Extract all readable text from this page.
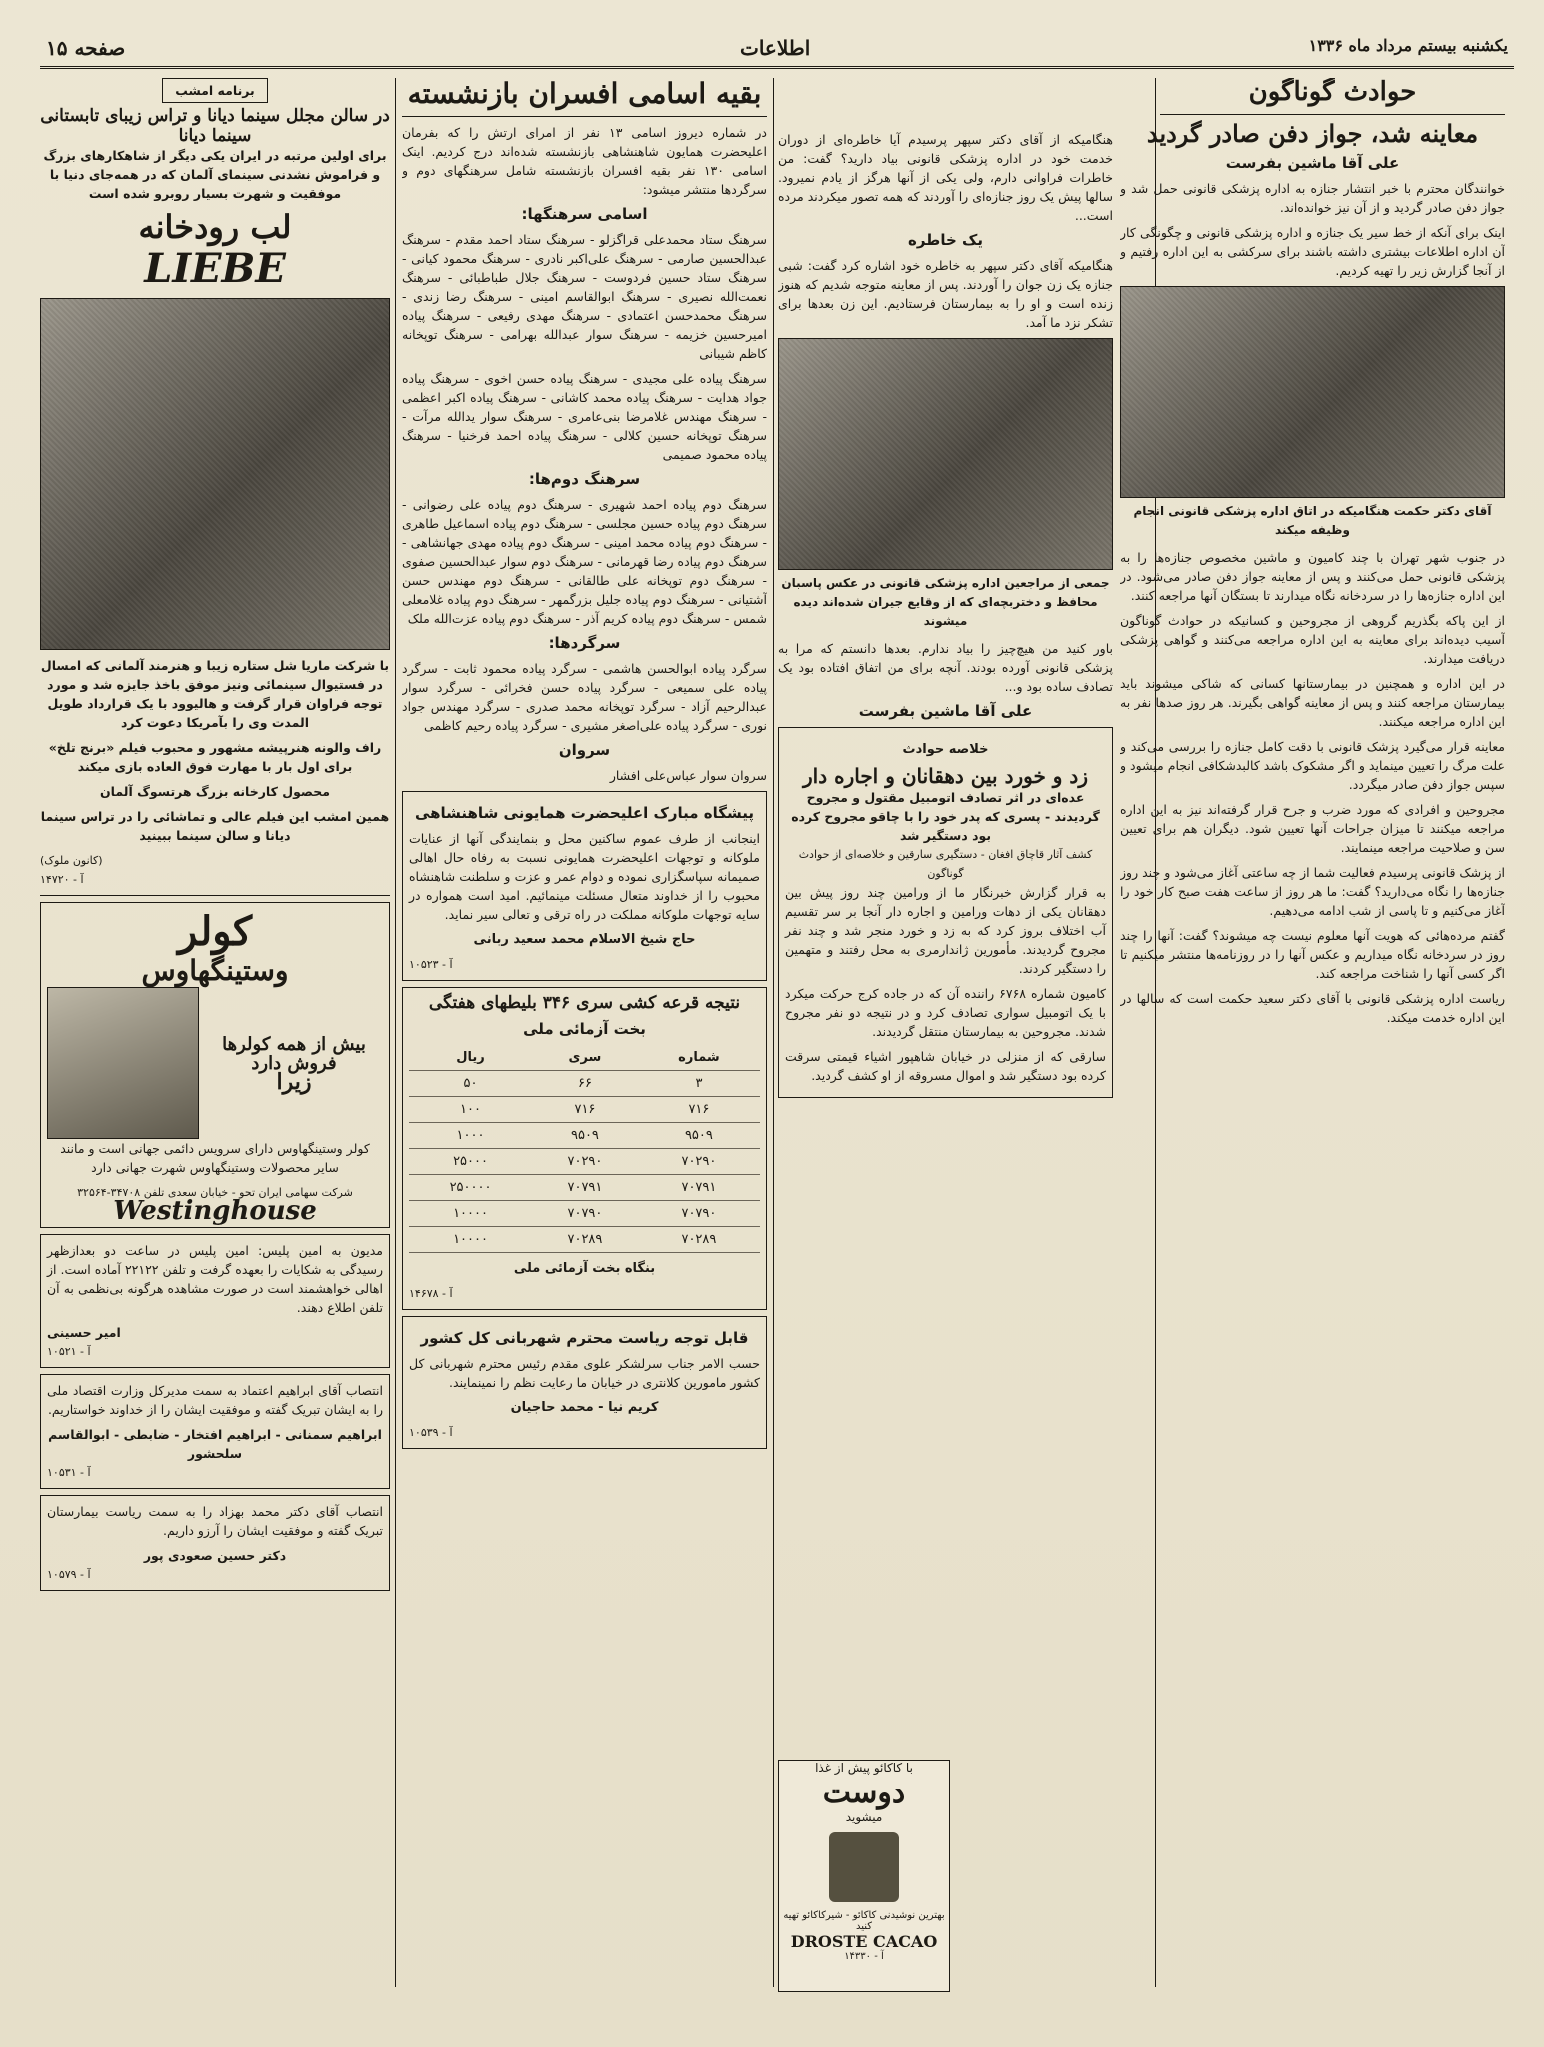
صفحه ۱۵	اطلاعات	یکشنبه بیستم مرداد ماه ۱۳۳۶
حوادث گوناگون
معاینه شد، جواز دفن صادر گردید
علی آقا ماشین بفرست

خوانندگان محترم با خبر انتشار جنازه به اداره پزشکی قانونی حمل شد و جواز دفن صادر گردید و از آن نیز خوانده‌اند.

اینک برای آنکه از خط سیر یک جنازه و اداره پزشکی قانونی و چگونگی کار آن اداره اطلاعات بیشتری داشته باشند برای سرکشی به این اداره رفتیم و از آنجا گزارش زیر را تهیه کردیم.

آقای دکتر حکمت هنگامیکه در اتاق اداره پزشکی قانونی انجام وظیفه میکند

در جنوب شهر تهران با چند کامیون و ماشین مخصوص جنازه‌ها را به پزشکی قانونی حمل می‌کنند و پس از معاینه جواز دفن صادر می‌شود. در این اداره جنازه‌ها را در سردخانه نگاه میدارند تا بستگان آنها مراجعه کنند.

از این پاکه بگذریم گروهی از مجروحین و کسانیکه در حوادث گوناگون آسیب دیده‌اند برای معاینه به این اداره مراجعه می‌کنند و گواهی پزشکی دریافت میدارند.

در این اداره و همچنین در بیمارستانها کسانی که شاکی میشوند باید بیمارستان مراجعه کنند و پس از معاینه گواهی بگیرند. هر روز صدها نفر به این اداره مراجعه میکنند.

معاینه قرار می‌گیرد پزشک قانونی با دقت کامل جنازه را بررسی می‌کند و علت مرگ را تعیین مینماید و اگر مشکوک باشد کالبدشکافی انجام میشود و سپس جواز دفن صادر میگردد.

مجروحین و افرادی که مورد ضرب و جرح قرار گرفته‌اند نیز به این اداره مراجعه میکنند تا میزان جراحات آنها تعیین شود. دیگران هم برای تعیین سن و صلاحیت مراجعه مینمایند.

از پزشک قانونی پرسیدم فعالیت شما از چه ساعتی آغاز می‌شود و چند روز جنازه‌ها را نگاه می‌دارید؟ گفت: ما هر روز از ساعت هفت صبح کار خود را آغاز می‌کنیم و تا پاسی از شب ادامه می‌دهیم.

گفتم مرده‌هائی که هویت آنها معلوم نیست چه میشوند؟ گفت: آنها را چند روز در سردخانه نگاه میداریم و عکس آنها را در روزنامه‌ها منتشر میکنیم تا اگر کسی آنها را شناخت مراجعه کند.

ریاست اداره پزشکی قانونی با آقای دکتر سعید حکمت است که سالها در این اداره خدمت میکند.

هنگامیکه از آقای دکتر سپهر پرسیدم آیا خاطره‌ای از دوران خدمت خود در اداره پزشکی قانونی بیاد دارید؟ گفت: من خاطرات فراوانی دارم، ولی یکی از آنها هرگز از یادم نمیرود. سالها پیش یک روز جنازه‌ای را آوردند که همه تصور میکردند مرده است...

یک خاطره

هنگامیکه آقای دکتر سپهر به خاطره خود اشاره کرد گفت: شبی جنازه یک زن جوان را آوردند. پس از معاینه متوجه شدیم که هنوز زنده است و او را به بیمارستان فرستادیم. این زن بعدها برای تشکر نزد ما آمد.

جمعی از مراجعین اداره پزشکی قانونی در عکس پاسبان محافظ و دختربچه‌ای که از وقایع جیران شده‌اند دیده میشوند

باور کنید من هیچ‌چیز را بیاد ندارم. بعدها دانستم که مرا به پزشکی قانونی آورده بودند. آنچه برای من اتفاق افتاده بود یک تصادف ساده بود و...

علی آقا ماشین بفرست
خلاصه حوادث
زد و خورد بین دهقانان و اجاره دار
عده‌ای در اثر تصادف اتومبیل مقتول و مجروح گردیدند - پسری که پدر خود را با چاقو مجروح کرده بود دستگیر شد
کشف آثار قاچاق افغان - دستگیری سارقین و خلاصه‌ای از حوادث گوناگون

به قرار گزارش خبرنگار ما از ورامین چند روز پیش بین دهقانان یکی از دهات ورامین و اجاره دار آنجا بر سر تقسیم آب اختلاف بروز کرد که به زد و خورد منجر شد و چند نفر مجروح گردیدند. مأمورین ژاندارمری به محل رفتند و متهمین را دستگیر کردند.

کامیون شماره ۶۷۶۸ راننده آن که در جاده کرج حرکت میکرد با یک اتومبیل سواری تصادف کرد و در نتیجه دو نفر مجروح شدند. مجروحین به بیمارستان منتقل گردیدند.

سارقی که از منزلی در خیابان شاهپور اشیاء قیمتی سرقت کرده بود دستگیر شد و اموال مسروقه از او کشف گردید.

با کاکائو پیش از غذا
دوست
میشوید
بهترین نوشیدنی کاکائو - شیرکاکائو تهیه کنید
DROSTE CACAO
آ - ۱۴۳۳۰
بقیه اسامی افسران بازنشسته

در شماره دیروز اسامی ۱۳ نفر از امرای ارتش را که بفرمان اعلیحضرت همایون شاهنشاهی بازنشسته شده‌اند درج کردیم. اینک اسامی ۱۳۰ نفر بقیه افسران بازنشسته شامل سرهنگهای دوم و سرگردها منتشر میشود:

اسامی سرهنگها:

سرهنگ ستاد محمدعلی قراگزلو - سرهنگ ستاد احمد مقدم - سرهنگ عبدالحسین صارمی - سرهنگ علی‌اکبر نادری - سرهنگ محمود کیانی - سرهنگ ستاد حسین فردوست - سرهنگ جلال طباطبائی - سرهنگ نعمت‌الله نصیری - سرهنگ ابوالقاسم امینی - سرهنگ رضا زندی - سرهنگ محمدحسن اعتمادی - سرهنگ مهدی رفیعی - سرهنگ پیاده امیرحسین خزیمه - سرهنگ سوار عبدالله بهرامی - سرهنگ توپخانه کاظم شیبانی

سرهنگ پیاده علی مجیدی - سرهنگ پیاده حسن اخوی - سرهنگ پیاده جواد هدایت - سرهنگ پیاده محمد کاشانی - سرهنگ پیاده اکبر اعظمی - سرهنگ مهندس غلامرضا بنی‌عامری - سرهنگ سوار یدالله مرآت - سرهنگ توپخانه حسین کلالی - سرهنگ پیاده احمد فرخنیا - سرهنگ پیاده محمود صمیمی

سرهنگ دوم‌ها:

سرهنگ دوم پیاده احمد شهیری - سرهنگ دوم پیاده علی رضوانی - سرهنگ دوم پیاده حسین مجلسی - سرهنگ دوم پیاده اسماعیل طاهری - سرهنگ دوم پیاده محمد امینی - سرهنگ دوم پیاده مهدی جهانشاهی - سرهنگ دوم پیاده رضا قهرمانی - سرهنگ دوم سوار عبدالحسین صفوی - سرهنگ دوم توپخانه علی طالقانی - سرهنگ دوم مهندس حسن آشتیانی - سرهنگ دوم پیاده جلیل بزرگمهر - سرهنگ دوم پیاده غلامعلی شمس - سرهنگ دوم پیاده کریم آذر - سرهنگ دوم پیاده عزت‌الله ملک

سرگردها:

سرگرد پیاده ابوالحسن هاشمی - سرگرد پیاده محمود ثابت - سرگرد پیاده علی سمیعی - سرگرد پیاده حسن فخرائی - سرگرد سوار عبدالرحیم آزاد - سرگرد توپخانه محمد صدری - سرگرد مهندس جواد نوری - سرگرد پیاده علی‌اصغر مشیری - سرگرد پیاده رحیم کاظمی

سروان

سروان سوار عباس‌علی افشار

پیشگاه مبارک اعلیحضرت همایونی شاهنشاهی

اینجانب از طرف عموم ساکنین محل و بنمایندگی آنها از عنایات ملوکانه و توجهات اعلیحضرت همایونی نسبت به رفاه حال اهالی صمیمانه سپاسگزاری نموده و دوام عمر و عزت و سلطنت شاهنشاه محبوب را از خداوند متعال مسئلت مینمائیم. امید است همواره در سایه توجهات ملوکانه مملکت در راه ترقی و تعالی سیر نماید.

حاج شیخ الاسلام محمد سعید ربانی
آ - ۱۰۵۲۳
نتیجه قرعه کشی سری ۳۴۶ بلیطهای هفتگی
بخت آزمائی ملی
شماره	سری	ریال
۳	۶۶	۵۰
۷۱۶	۷۱۶	۱۰۰
۹۵۰۹	۹۵۰۹	۱۰۰۰
۷۰۲۹۰	۷۰۲۹۰	۲۵۰۰۰
۷۰۷۹۱	۷۰۷۹۱	۲۵۰۰۰۰
۷۰۷۹۰	۷۰۷۹۰	۱۰۰۰۰
۷۰۲۸۹	۷۰۲۸۹	۱۰۰۰۰
بنگاه بخت آزمائی ملی
آ - ۱۴۶۷۸
قابل توجه ریاست محترم شهربانی کل کشور

حسب الامر جناب سرلشکر علوی مقدم رئیس محترم شهربانی کل کشور مامورین کلانتری در خیابان ما رعایت نظم را نمینمایند.

کریم نیا - محمد حاجیان
آ - ۱۰۵۳۹
برنامه امشب
در سالن مجلل سینما دیانا و تراس زیبای تابستانی سینما دیانا

برای اولین مرتبه در ایران یکی دیگر از شاهکارهای بزرگ و فراموش نشدنی سینمای آلمان که در همه‌جای دنیا با موفقیت و شهرت بسیار روبرو شده است

لب رودخانه
LIEBE

با شرکت ماریا شل ستاره زیبا و هنرمند آلمانی که امسال در فستیوال سینمائی ونیز موفق باخذ جایزه شد و مورد توجه فراوان قرار گرفت و هالیوود با یک قرارداد طویل المدت وی را بآمریکا دعوت کرد

راف والونه هنرپیشه مشهور و محبوب فیلم «برنج تلخ» برای اول بار با مهارت فوق العاده بازی میکند

محصول کارخانه بزرگ هرتسوگ آلمان

همین امشب این فیلم عالی و تماشائی را در تراس سینما دیانا و سالن سینما ببینید

(کانون ملوک)
آ - ۱۴۷۲۰
کولر
وستینگهاوس
بیش از همه کولرها
فروش دارد
زیرا

کولر وستینگهاوس دارای سرویس دائمی جهانی است و مانند سایر محصولات وستینگهاوس شهرت جهانی دارد

شرکت سهامی ایران تحو - خیابان سعدی تلفن ۳۴۷۰۸-۳۲۵۶۴
Westinghouse

مدیون به امین پلیس: امین پلیس در ساعت دو بعدازظهر رسیدگی به شکایات را بعهده گرفت و تلفن ۲۲۱۲۲ آماده است. از اهالی خواهشمند است در صورت مشاهده هرگونه بی‌نظمی به آن تلفن اطلاع دهند.

امیر حسینی
آ - ۱۰۵۲۱

انتصاب آقای ابراهیم اعتماد به سمت مدیرکل وزارت اقتصاد ملی را به ایشان تبریک گفته و موفقیت ایشان را از خداوند خواستاریم.

ابراهیم سمنانی - ابراهیم افتخار - ضابطی - ابوالقاسم سلحشور
آ - ۱۰۵۳۱

انتصاب آقای دکتر محمد بهزاد را به سمت ریاست بیمارستان تبریک گفته و موفقیت ایشان را آرزو داریم.

دکتر حسین صعودی پور
آ - ۱۰۵۷۹
